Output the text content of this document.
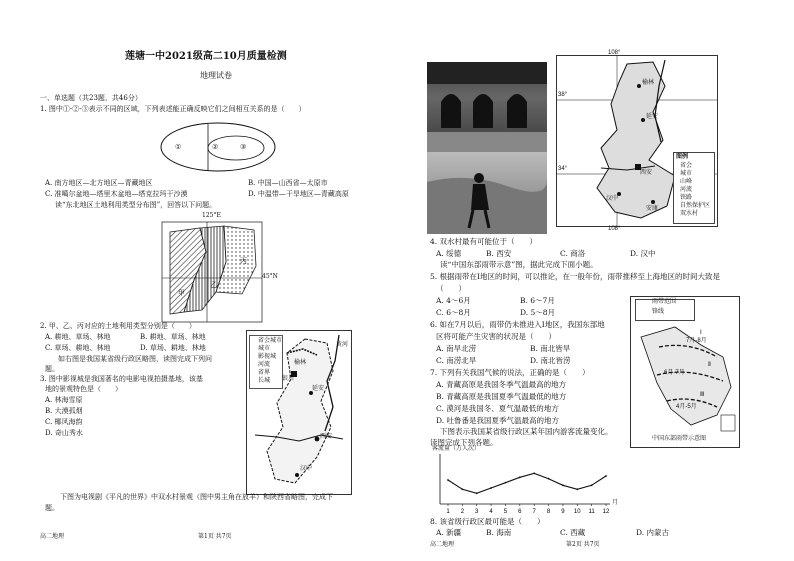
莲塘一中2021级高二10月质量检测
地理试卷
一、单选题（共23题，共46分）
1. 图中①-②-③表示不同的区域，下列表述能正确反映它们之间相互关系的是（　　）
①	②	③
A. 南方地区—北方地区—青藏地区	B. 中国—山西省—太原市
C. 准噶尔盆地—塔里木盆地—塔克拉玛干沙漠	D. 中温带—干旱地区—青藏高原
读“东北地区土地利用类型分布图”，回答以下问题。
125°E
45°N
甲
乙
丙
2. 甲、乙、丙对应的土地利用类型分别是（　　）
A. 耕地、草场、林地	B. 耕地、草场、林地
C. 草场、耕地、林地	D. 草场、耕地、林地
如右图是我国某省级行政区略图，读图完成下列问
题。
3. 图中影视城是我国著名的电影电视拍摄基地，该基
地的景观特色是（　　）
A. 林海雪原
B. 大漠孤烟
C. 椰风海韵
D. 奇山秀水
省会城市
城市
影视城
河流
省界
长城
榆林
延安
银川
西安
汉中
黄河
下图为电视剧《平凡的世界》中双水村景观（图中男主角在放羊）和陕西省略图，完成下
题。
高二地理	第1页 共7页
108°
38°
34°
108°
图例
省会
城市
山峰
河流
铁路
自然保护区
双水村
榆林
延安
西安
汉中
安康
4. 双水村最有可能位于（　　）
A. 绥德	B. 西安	C. 商洛	D. 汉中
读“中国东部雨带示意”图，据此完成下面小题。
5. 根据雨带在Ⅰ地区的时间，可以推论，在一般年份，雨带推移至上海地区的时间大致是
（　　）
A. 4～6月	B. 6～7月
C. 6～8月	D. 5～8月
6. 如在7月以后，雨带仍未推进入Ⅰ地区，我国东部地
区将可能产生灾害的状况是（　　）
A. 南旱北涝	B. 南北皆旱
C. 南涝北旱	D. 南北皆涝
7. 下列有关我国气候的说法，正确的是（　　）
A. 青藏高原是我国冬季气温最高的地方
B. 青藏高原是我国夏季气温最低的地方
C. 漠河是我国冬、夏气温最低的地方
D. 吐鲁番是我国夏季气温最高的地方
下图表示我国某省级行政区某年国内游客流量变化。
读图完成下列各题。
雨带范围
锋线
Ⅰ
Ⅱ
Ⅲ
7月-8月
6月-7月
4月-5月
中国东部雨带示意图
客流量（万人次）
1 2 3 4 5 6 7 8 9 10 11 12
月
8. 该省级行政区最可能是（　　）
A. 新疆	B. 海南	C. 西藏	D. 内蒙古
高二地理	第2页 共7页
